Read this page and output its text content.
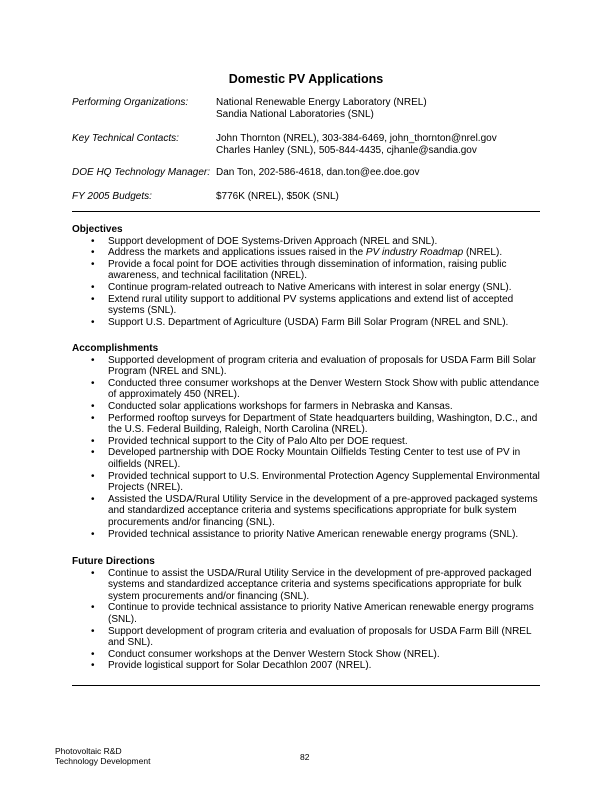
Domestic PV Applications
Performing Organizations:	National Renewable Energy Laboratory (NREL)
Sandia National Laboratories (SNL)
Key Technical Contacts:	John Thornton (NREL), 303-384-6469, john_thornton@nrel.gov
Charles Hanley (SNL), 505-844-4435, cjhanle@sandia.gov
DOE HQ Technology Manager: Dan Ton, 202-586-4618, dan.ton@ee.doe.gov
FY 2005 Budgets:	$776K (NREL), $50K (SNL)
Objectives
• Support development of DOE Systems-Driven Approach (NREL and SNL).
• Address the markets and applications issues raised in the PV industry Roadmap (NREL).
• Provide a focal point for DOE activities through dissemination of information, raising public awareness, and technical facilitation (NREL).
• Continue program-related outreach to Native Americans with interest in solar energy (SNL).
• Extend rural utility support to additional PV systems applications and extend list of accepted systems (SNL).
• Support U.S. Department of Agriculture (USDA) Farm Bill Solar Program (NREL and SNL).
Accomplishments
• Supported development of program criteria and evaluation of proposals for USDA Farm Bill Solar Program (NREL and SNL).
• Conducted three consumer workshops at the Denver Western Stock Show with public attendance of approximately 450 (NREL).
• Conducted solar applications workshops for farmers in Nebraska and Kansas.
• Performed rooftop surveys for Department of State headquarters building, Washington, D.C., and the U.S. Federal Building, Raleigh, North Carolina (NREL).
• Provided technical support to the City of Palo Alto per DOE request.
• Developed partnership with DOE Rocky Mountain Oilfields Testing Center to test use of PV in oilfields (NREL).
• Provided technical support to U.S. Environmental Protection Agency Supplemental Environmental Projects (NREL).
• Assisted the USDA/Rural Utility Service in the development of a pre-approved packaged systems and standardized acceptance criteria and systems specifications appropriate for bulk system procurements and/or financing (SNL).
• Provided technical assistance to priority Native American renewable energy programs (SNL).
Future Directions
• Continue to assist the USDA/Rural Utility Service in the development of pre-approved packaged systems and standardized acceptance criteria and systems specifications appropriate for bulk system procurements and/or financing (SNL).
• Continue to provide technical assistance to priority Native American renewable energy programs (SNL).
• Support development of program criteria and evaluation of proposals for USDA Farm Bill (NREL and SNL).
• Conduct consumer workshops at the Denver Western Stock Show (NREL).
• Provide logistical support for Solar Decathlon 2007 (NREL).
Photovoltaic R&D
Technology Development	82
